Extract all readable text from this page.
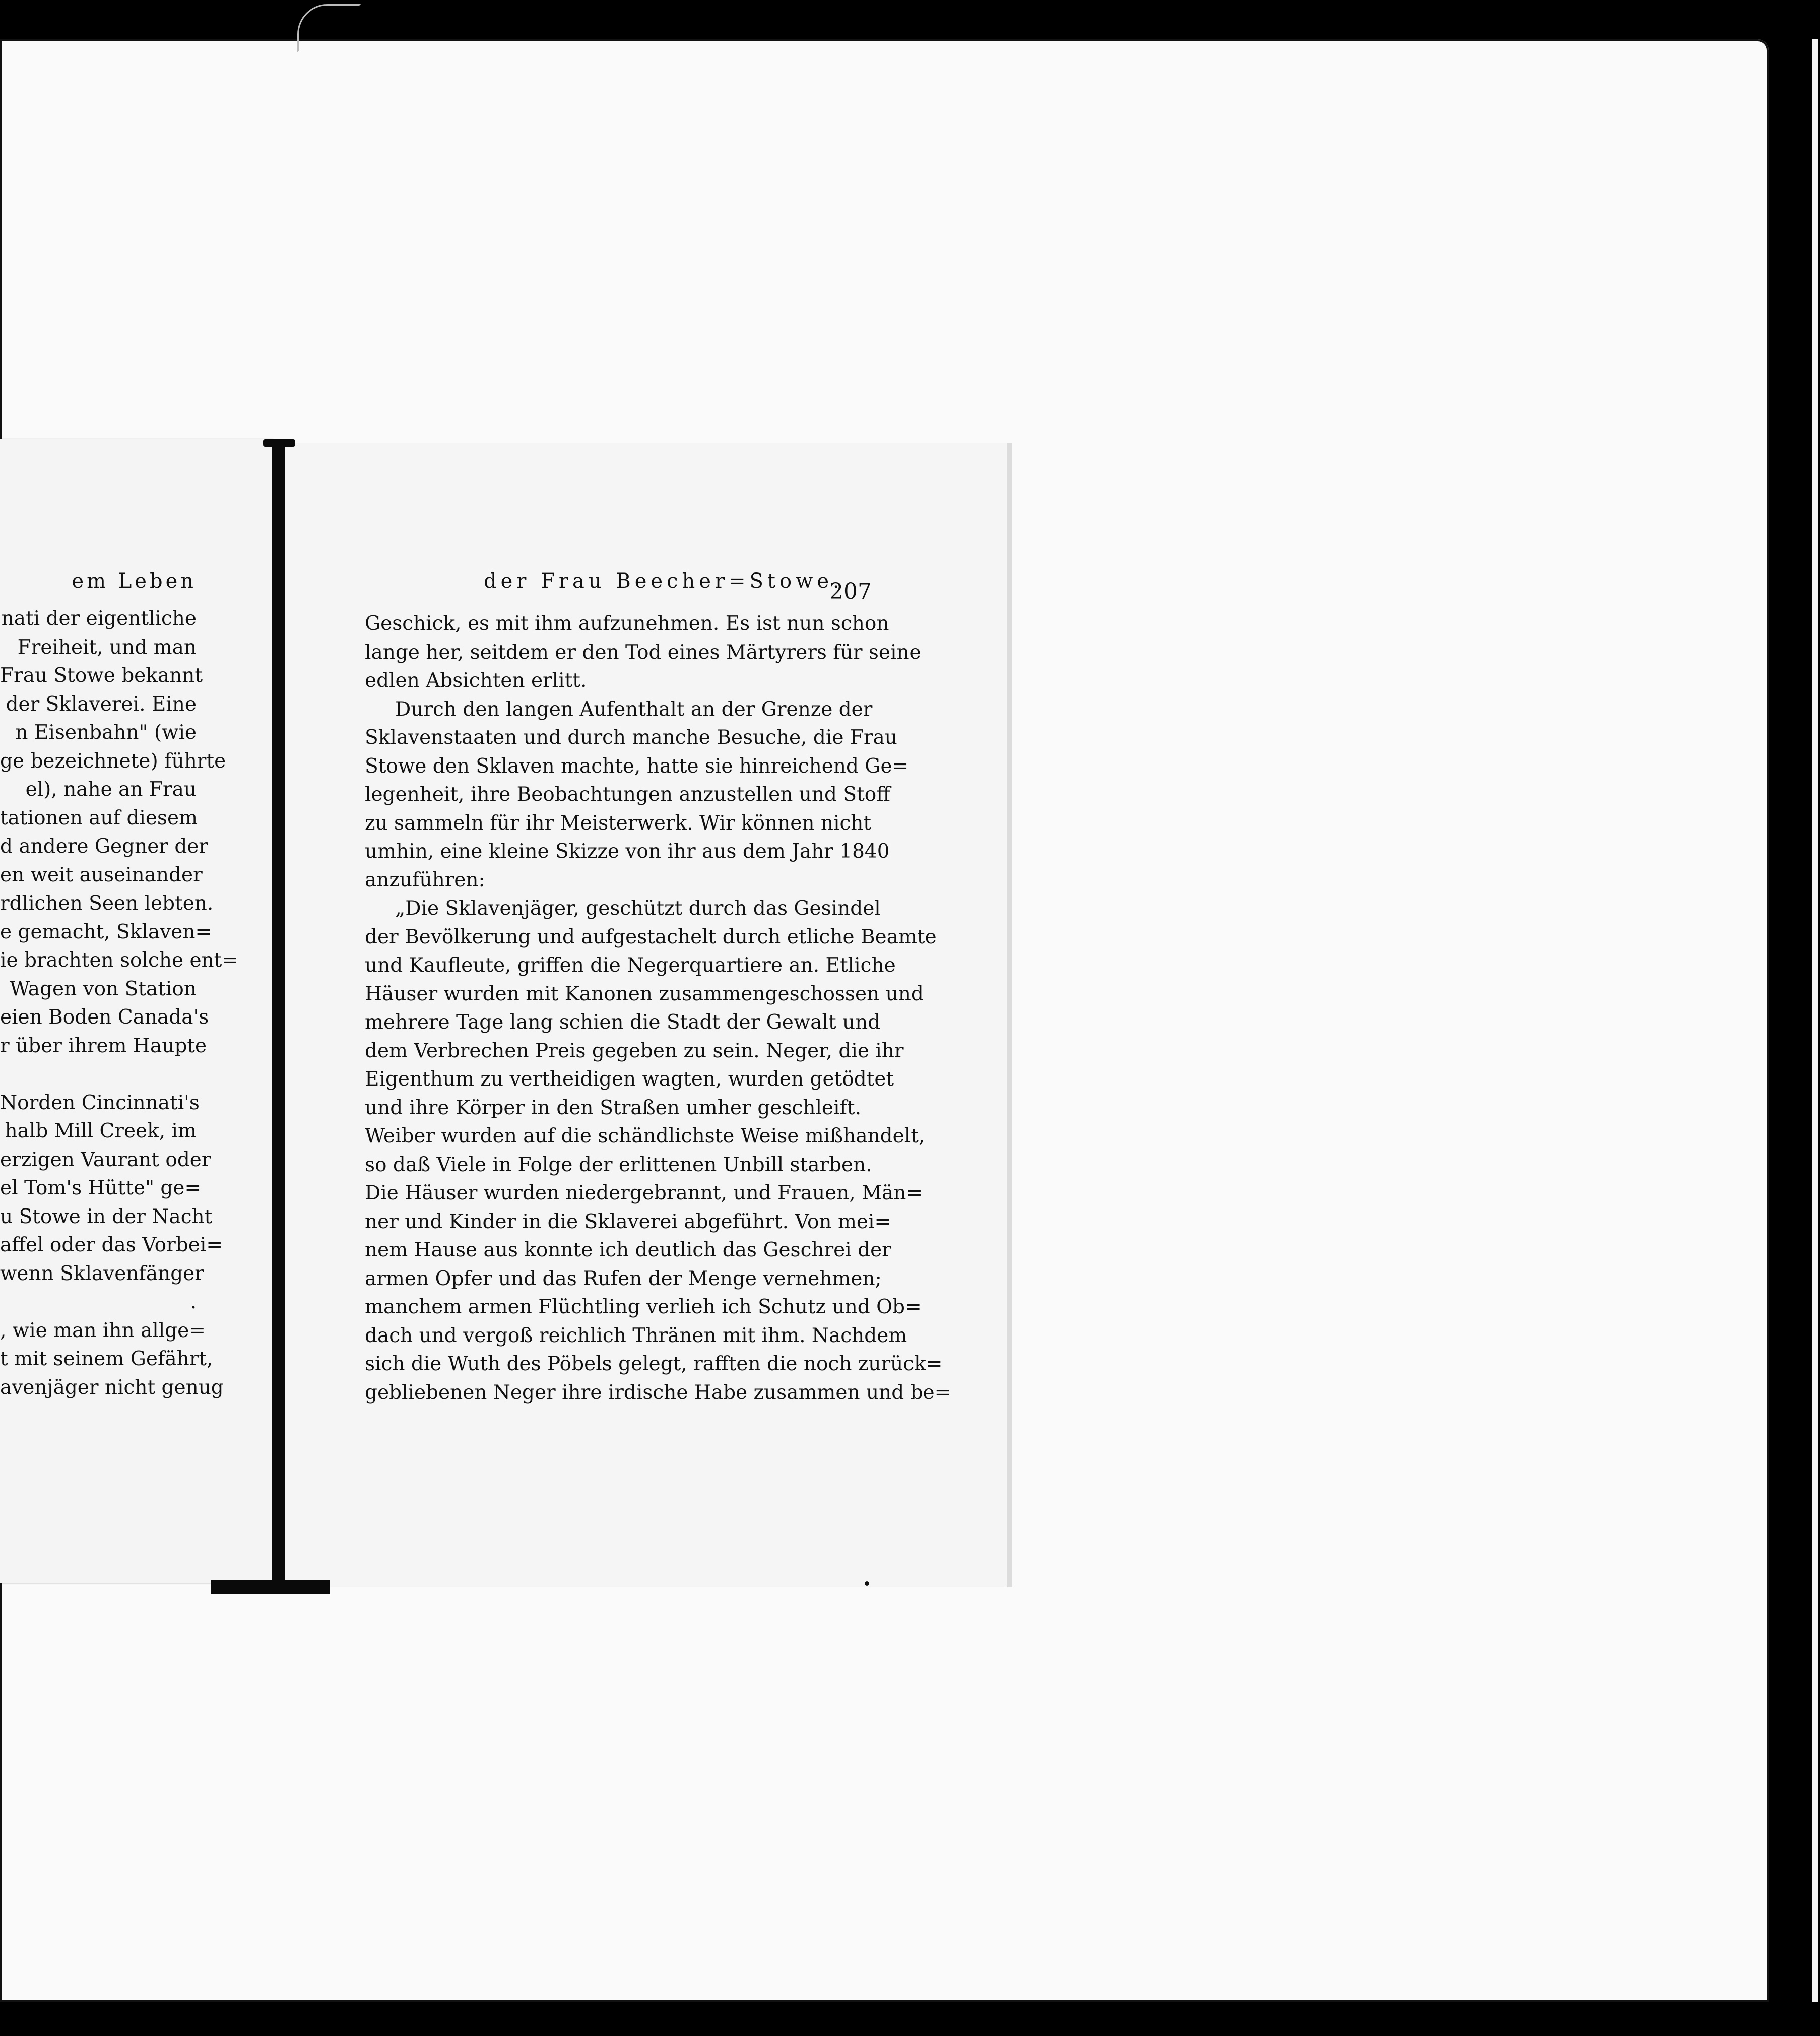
em Leben
nati der eigentliche
Freiheit, und man
Frau Stowe bekannt
der Sklaverei. Eine
n Eisenbahn" (wie
ge bezeichnete) führte
el), nahe an Frau
tationen auf diesem
d andere Gegner der
en weit auseinander
rdlichen Seen lebten.
e gemacht, Sklaven=
ie brachten solche ent=
Wagen von Station
eien Boden Canada's
r über ihrem Haupte

Norden Cincinnati's
halb Mill Creek, im
erzigen Vaurant oder
el Tom's Hütte" ge=
u Stowe in der Nacht
affel oder das Vorbei=
wenn Sklavenfänger
.
, wie man ihn allge=
t mit seinem Gefährt,
avenjäger nicht genug
der Frau Beecher=Stowe.
207
Geschick, es mit ihm aufzunehmen. Es ist nun schon
lange her, seitdem er den Tod eines Märtyrers für seine
edlen Absichten erlitt.
Durch den langen Aufenthalt an der Grenze der
Sklavenstaaten und durch manche Besuche, die Frau
Stowe den Sklaven machte, hatte sie hinreichend Ge=
legenheit, ihre Beobachtungen anzustellen und Stoff
zu sammeln für ihr Meisterwerk. Wir können nicht
umhin, eine kleine Skizze von ihr aus dem Jahr 1840
anzuführen:
„Die Sklavenjäger, geschützt durch das Gesindel
der Bevölkerung und aufgestachelt durch etliche Beamte
und Kaufleute, griffen die Negerquartiere an. Etliche
Häuser wurden mit Kanonen zusammengeschossen und
mehrere Tage lang schien die Stadt der Gewalt und
dem Verbrechen Preis gegeben zu sein. Neger, die ihr
Eigenthum zu vertheidigen wagten, wurden getödtet
und ihre Körper in den Straßen umher geschleift.
Weiber wurden auf die schändlichste Weise mißhandelt,
so daß Viele in Folge der erlittenen Unbill starben.
Die Häuser wurden niedergebrannt, und Frauen, Män=
ner und Kinder in die Sklaverei abgeführt. Von mei=
nem Hause aus konnte ich deutlich das Geschrei der
armen Opfer und das Rufen der Menge vernehmen;
manchem armen Flüchtling verlieh ich Schutz und Ob=
dach und vergoß reichlich Thränen mit ihm. Nachdem
sich die Wuth des Pöbels gelegt, rafften die noch zurück=
gebliebenen Neger ihre irdische Habe zusammen und be=
